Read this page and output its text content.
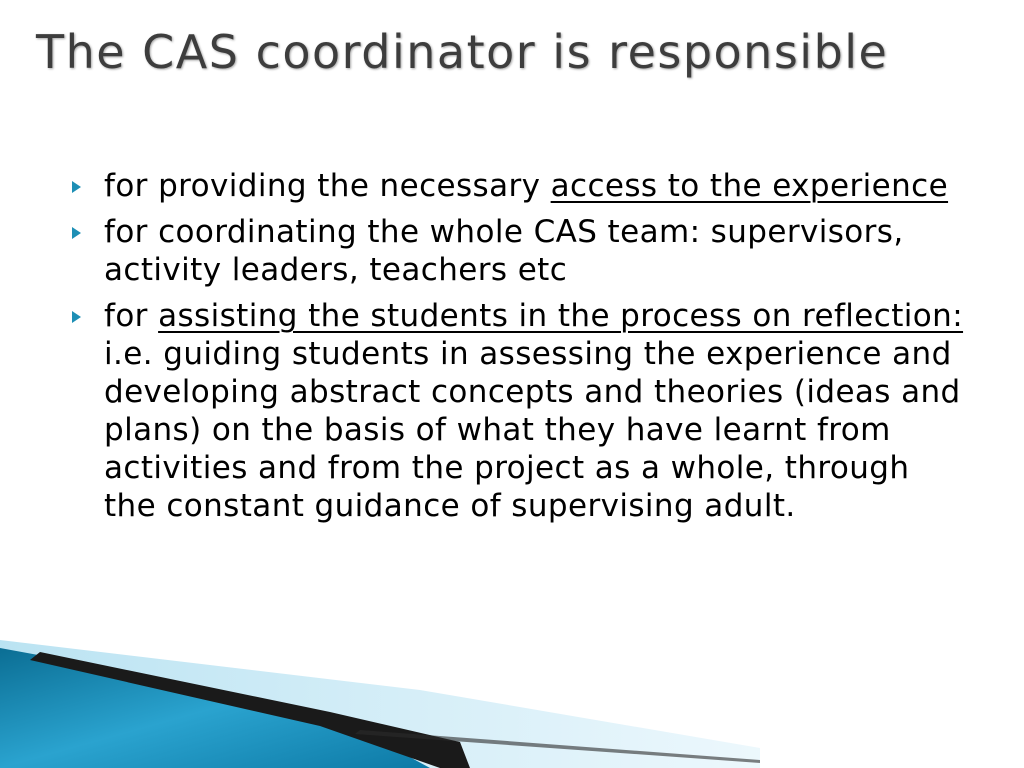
The CAS coordinator is responsible
for providing the necessary access to the experience
for coordinating the whole CAS team: supervisors, activity leaders, teachers etc
for assisting the students in the process on reflection: i.e. guiding students in assessing the experience and developing abstract concepts and theories (ideas and plans) on the basis of what they have learnt from activities and from the project as a whole, through the constant guidance of supervising adult.
